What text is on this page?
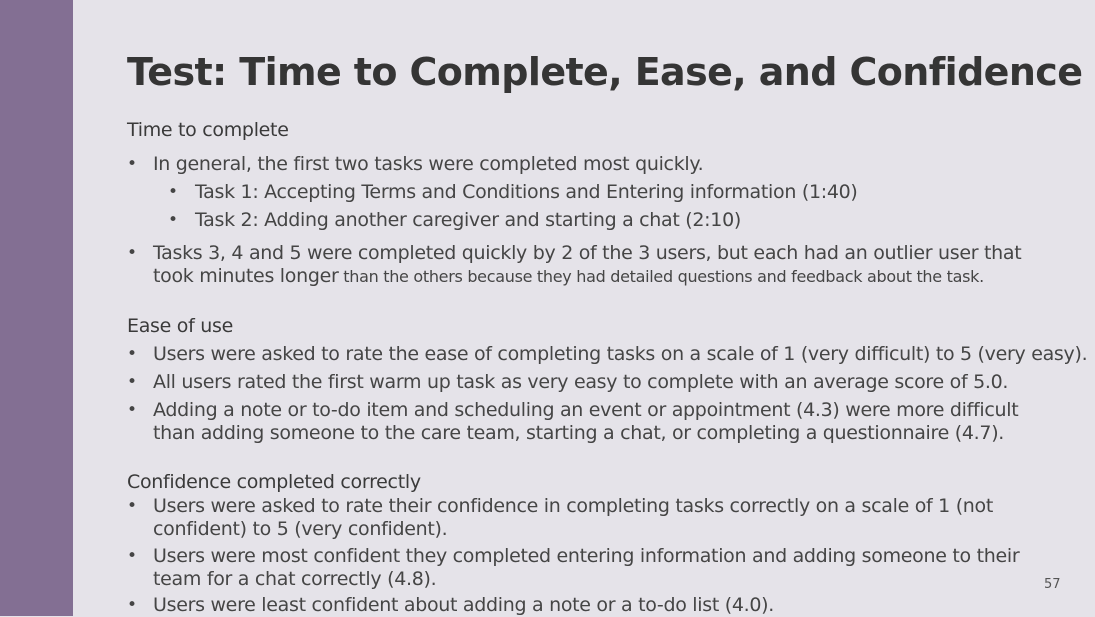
Test: Time to Complete, Ease, and Confidence
Time to complete
• In general, the first two tasks were completed most quickly.
• Task 1: Accepting Terms and Conditions and Entering information (1:40)
• Task 2: Adding another caregiver and starting a chat (2:10)
• Tasks 3, 4 and 5 were completed quickly by 2 of the 3 users, but each had an outlier user that
took minutes longer than the others because they had detailed questions and feedback about the task.
Ease of use
• Users were asked to rate the ease of completing tasks on a scale of 1 (very difficult) to 5 (very easy).
• All users rated the first warm up task as very easy to complete with an average score of 5.0.
• Adding a note or to-do item and scheduling an event or appointment (4.3) were more difficult
than adding someone to the care team, starting a chat, or completing a questionnaire (4.7).
Confidence completed correctly
• Users were asked to rate their confidence in completing tasks correctly on a scale of 1 (not
confident) to 5 (very confident).
• Users were most confident they completed entering information and adding someone to their
team for a chat correctly (4.8).
• Users were least confident about adding a note or a to-do list (4.0).
57
